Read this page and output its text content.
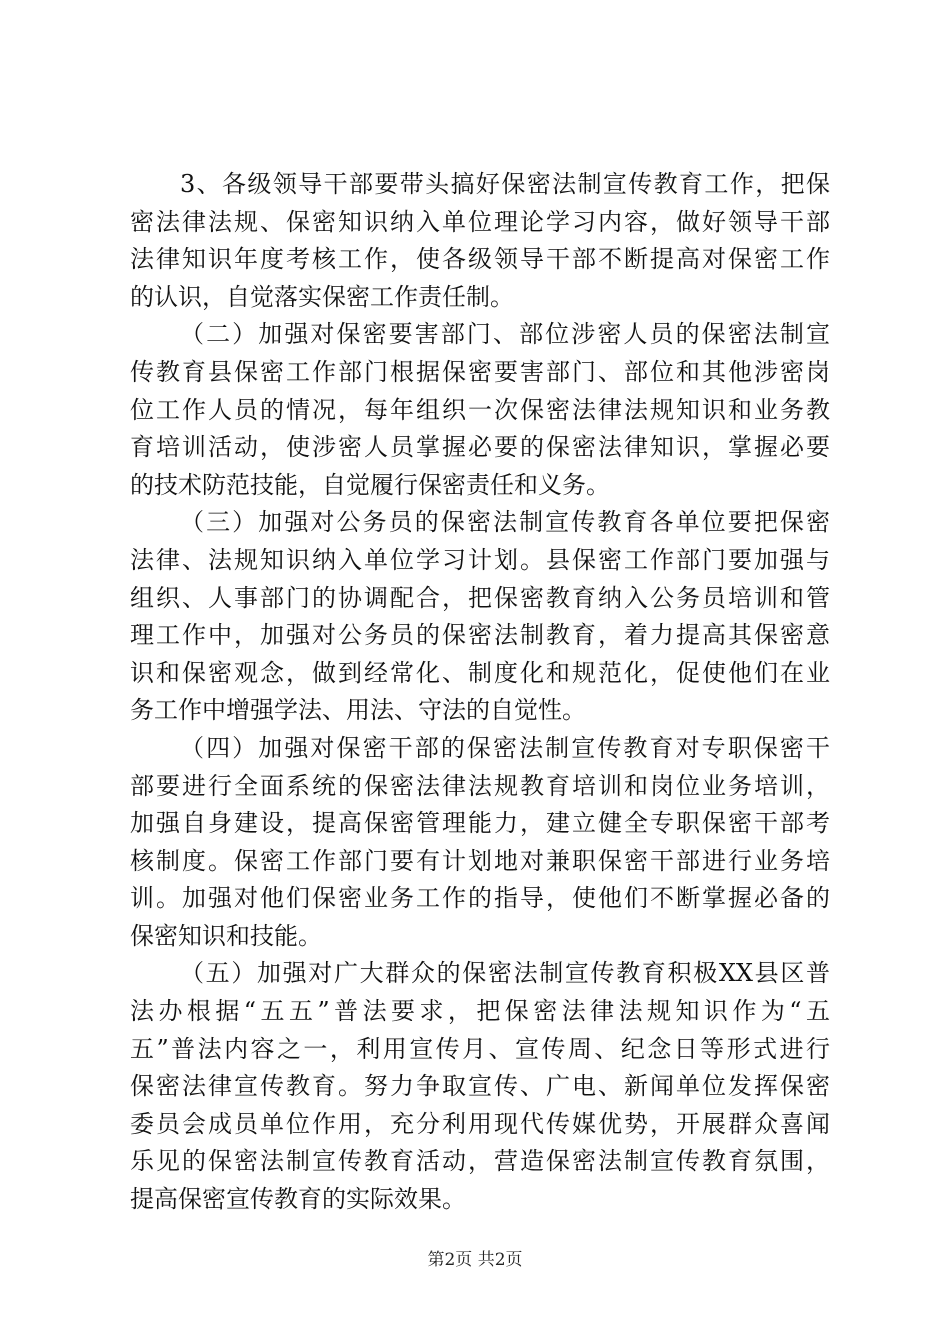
3、各级领导干部要带头搞好保密法制宣传教育工作，把保
密法律法规、保密知识纳入单位理论学习内容，做好领导干部
法律知识年度考核工作，使各级领导干部不断提高对保密工作
的认识，自觉落实保密工作责任制。
（二）加强对保密要害部门、部位涉密人员的保密法制宣
传教育县保密工作部门根据保密要害部门、部位和其他涉密岗
位工作人员的情况，每年组织一次保密法律法规知识和业务教
育培训活动，使涉密人员掌握必要的保密法律知识，掌握必要
的技术防范技能，自觉履行保密责任和义务。
（三）加强对公务员的保密法制宣传教育各单位要把保密
法律、法规知识纳入单位学习计划。县保密工作部门要加强与
组织、人事部门的协调配合，把保密教育纳入公务员培训和管
理工作中，加强对公务员的保密法制教育，着力提高其保密意
识和保密观念，做到经常化、制度化和规范化，促使他们在业
务工作中增强学法、用法、守法的自觉性。
（四）加强对保密干部的保密法制宣传教育对专职保密干
部要进行全面系统的保密法律法规教育培训和岗位业务培训，
加强自身建设，提高保密管理能力，建立健全专职保密干部考
核制度。保密工作部门要有计划地对兼职保密干部进行业务培
训。加强对他们保密业务工作的指导，使他们不断掌握必备的
保密知识和技能。
（五）加强对广大群众的保密法制宣传教育积极XX县区普
法办根据“五五”普法要求，把保密法律法规知识作为“五
五”普法内容之一，利用宣传月、宣传周、纪念日等形式进行
保密法律宣传教育。努力争取宣传、广电、新闻单位发挥保密
委员会成员单位作用，充分利用现代传媒优势，开展群众喜闻
乐见的保密法制宣传教育活动，营造保密法制宣传教育氛围，
提高保密宣传教育的实际效果。
第2页 共2页
